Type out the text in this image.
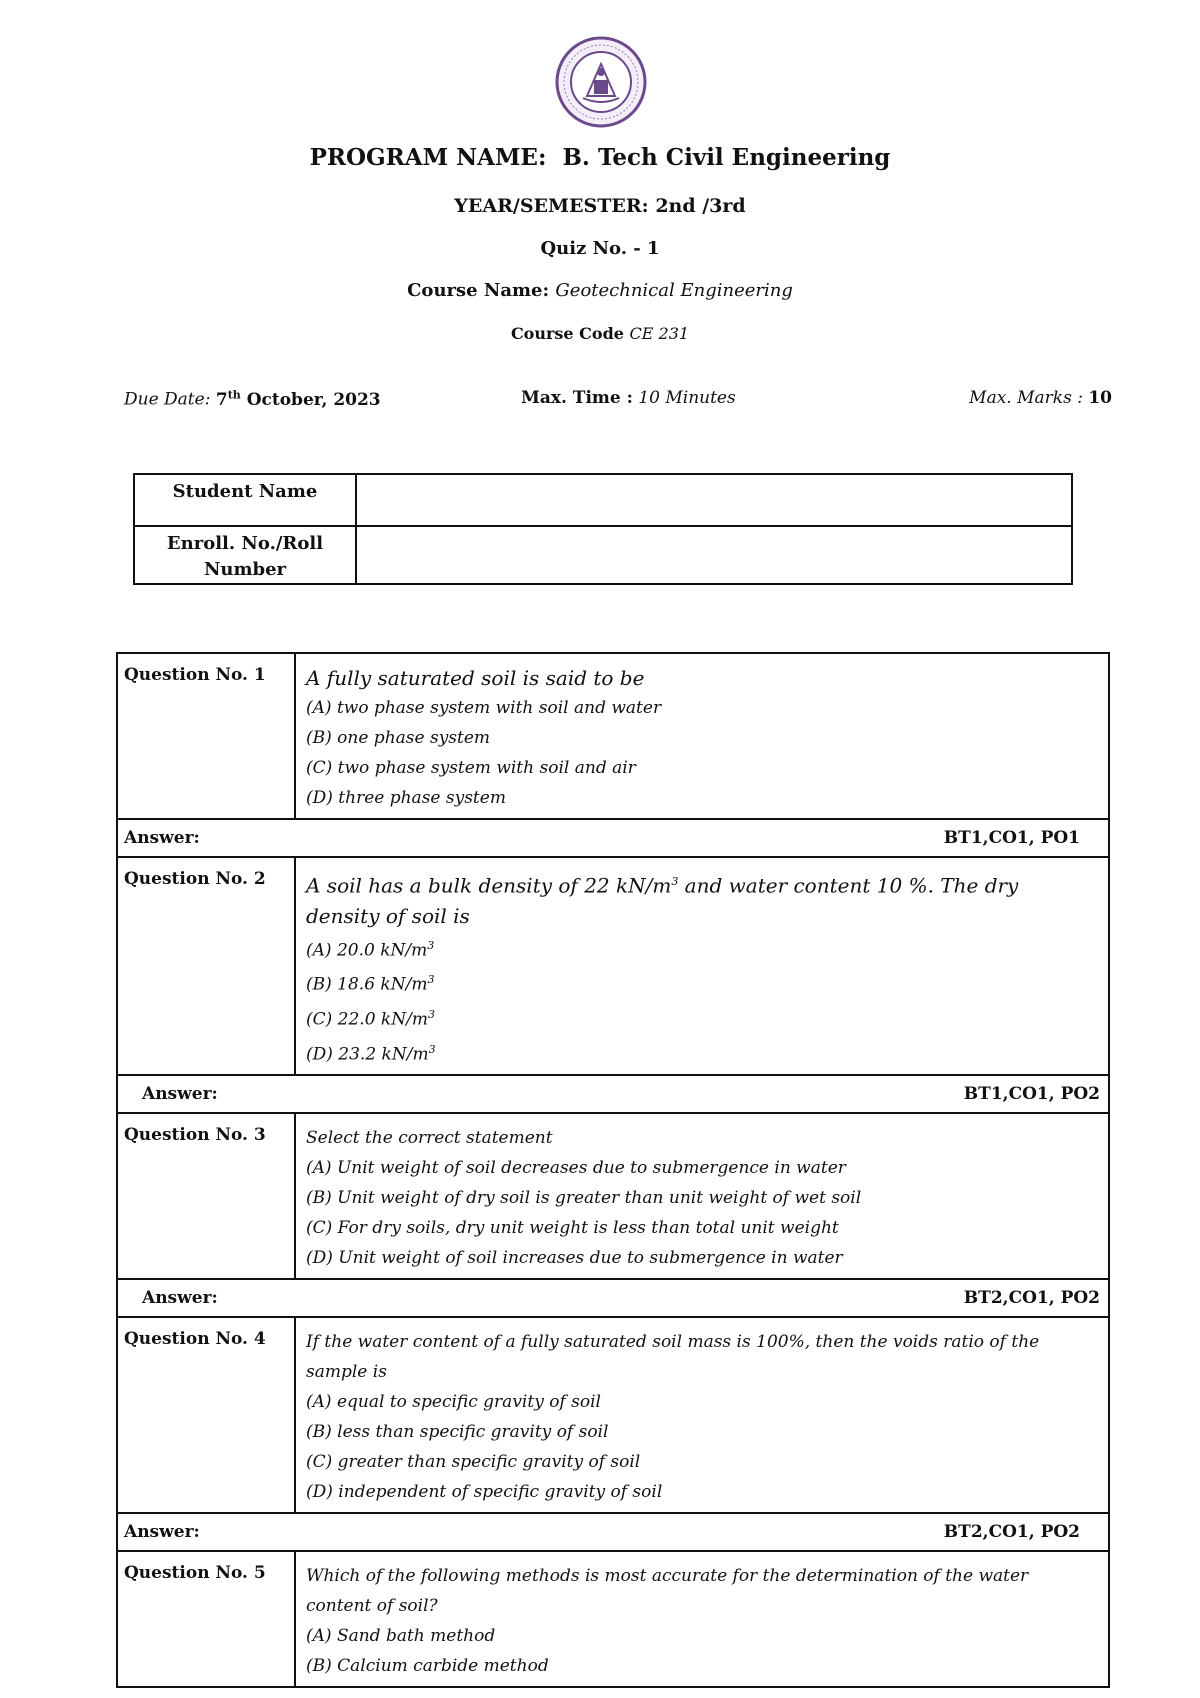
PROGRAM NAME: B. Tech Civil Engineering
YEAR/SEMESTER: 2nd /3rd
Quiz No. - 1
Course Name: Geotechnical Engineering
Course Code CE 231
Due Date: 7th October, 2023	Max. Time : 10 Minutes	Max. Marks : 10
Student Name	
Enroll. No./Roll Number	
Question No. 1	A fully saturated soil is said to be
(A) two phase system with soil and water
(B) one phase system
(C) two phase system with soil and air
(D) three phase system

Answer: BT1,CO1, PO1	

Question No. 2	A soil has a bulk density of 22 $kN/m^3$ and water content 10 %. The dry density of soil is
(A) 20.0 $kN/m^3$
(B) 18.6 $kN/m^3$
(C) 22.0 $kN/m^3$
(D) 23.2 $kN/m^3$

Answer: BT1,CO1, PO2	

Question No. 3	Select the correct statement
(A) Unit weight of soil decreases due to submergence in water
(B) Unit weight of dry soil is greater than unit weight of wet soil
(C) For dry soils, dry unit weight is less than total unit weight
(D) Unit weight of soil increases due to submergence in water

Answer: BT2,CO1, PO2	

Question No. 4	If the water content of a fully saturated soil mass is 100%, then the voids ratio of the sample is
(A) equal to specific gravity of soil
(B) less than specific gravity of soil
(C) greater than specific gravity of soil
(D) independent of specific gravity of soil

Answer: BT2,CO1, PO2	

Question No. 5	Which of the following methods is most accurate for the determination of the water content of soil?
(A) Sand bath method
(B) Calcium carbide method
